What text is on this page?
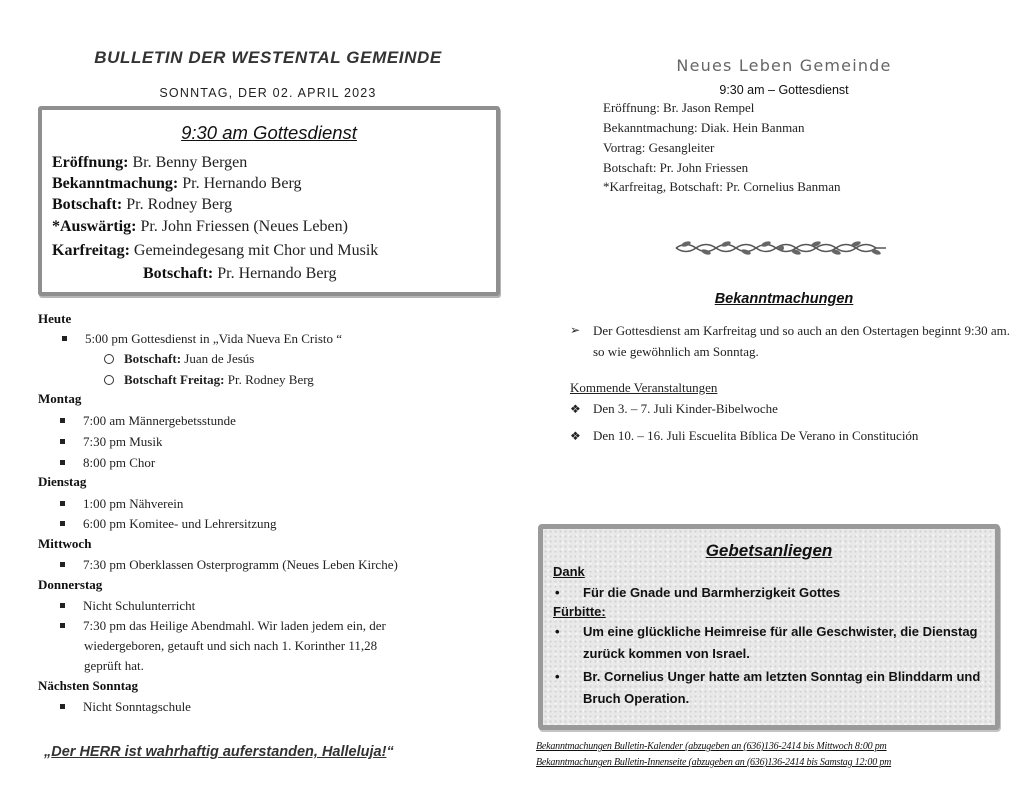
BULLETIN DER WESTENTAL GEMEINDE
SONNTAG, DER 02. APRIL 2023
9:30 am Gottesdienst
Eröffnung: Br. Benny Bergen
Bekanntmachung: Pr. Hernando Berg
Botschaft: Pr. Rodney Berg
*Auswärtig: Pr. John Friessen (Neues Leben)
Karfreitag: Gemeindegesang mit Chor und Musik
Botschaft: Pr. Hernando Berg
Heute
5:00 pm Gottesdienst in „Vida Nueva En Cristo “
Botschaft: Juan de Jesús
Botschaft Freitag: Pr. Rodney Berg
Montag
7:00 am Männergebetsstunde
7:30 pm Musik
8:00 pm Chor
Dienstag
1:00 pm Nähverein
6:00 pm Komitee- und Lehrersitzung
Mittwoch
7:30 pm Oberklassen Osterprogramm (Neues Leben Kirche)
Donnerstag
Nicht Schulunterricht
7:30 pm das Heilige Abendmahl. Wir laden jedem ein, der
wiedergeboren, getauft und sich nach 1. Korinther 11,28
geprüft hat.
Nächsten Sonntag
Nicht Sonntagschule
„Der HERR ist wahrhaftig auferstanden, Halleluja!“
Neues Leben Gemeinde
9:30 am – Gottesdienst
Eröffnung: Br. Jason Rempel
Bekanntmachung: Diak. Hein Banman
Vortrag: Gesangleiter
Botschaft: Pr. John Friessen
*Karfreitag, Botschaft: Pr. Cornelius Banman
Bekanntmachungen
➢ Der Gottesdienst am Karfreitag und so auch an den Ostertagen beginnt 9:30 am. so wie gewöhnlich am Sonntag.
Kommende Veranstaltungen
❖ Den 3. – 7. Juli Kinder-Bibelwoche
❖ Den 10. – 16. Juli Escuelita Bíblica De Verano in Constitución
Gebetsanliegen
Dank
•	Für die Gnade und Barmherzigkeit Gottes
Fürbitte:
•	Um eine glückliche Heimreise für alle Geschwister, die Dienstag zurück kommen von Israel.
•	Br. Cornelius Unger hatte am letzten Sonntag ein Blinddarm und Bruch Operation.
Bekanntmachungen Bulletin-Kalender (abzugeben an (636)136-2414 bis Mittwoch 8:00 pm
Bekanntmachungen Bulletin-Innenseite (abzugeben an (636)136-2414 bis Samstag 12:00 pm
